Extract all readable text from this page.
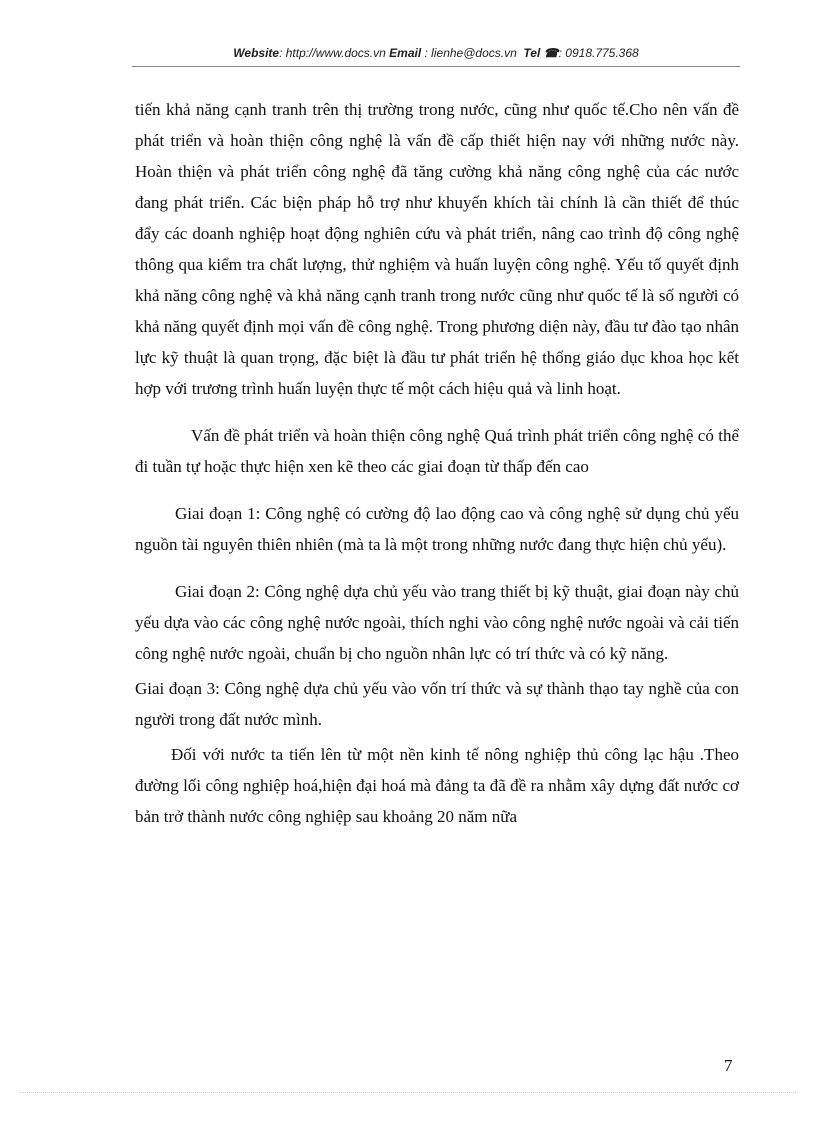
Website: http://www.docs.vn Email : lienhe@docs.vn Tel ☎: 0918.775.368

tiến khả năng cạnh tranh trên thị trường trong nước, cũng như quốc tế.Cho nên vấn đề phát triển và hoàn thiện công nghệ là vấn đề cấp thiết hiện nay với những nước này. Hoàn thiện và phát triển công nghệ đã tăng cường khả năng công nghệ của các nước đang phát triển. Các biện pháp hỗ trợ như khuyến khích tài chính là cần thiết để thúc đẩy các doanh nghiệp hoạt động nghiên cứu và phát triển, nâng cao trình độ công nghệ thông qua kiểm tra chất lượng, thử nghiệm và huấn luyện công nghệ. Yếu tố quyết định khả năng công nghệ và khả năng cạnh tranh trong nước cũng như quốc tế là số người có khả năng quyết định mọi vấn đề công nghệ. Trong phương diện này, đầu tư đào tạo nhân lực kỹ thuật là quan trọng, đặc biệt là đầu tư phát triển hệ thống giáo dục khoa học kết hợp với trương trình huấn luyện thực tế một cách hiệu quả và linh hoạt.

Vấn đề phát triển và hoàn thiện công nghệ Quá trình phát triển công nghệ có thể đi tuần tự hoặc thực hiện xen kẽ theo các giai đoạn từ thấp đến cao

Giai đoạn 1: Công nghệ có cường độ lao động cao và công nghệ sử dụng chủ yếu nguồn tài nguyên thiên nhiên (mà ta là một trong những nước đang thực hiện chủ yếu).

Giai đoạn 2: Công nghệ dựa chủ yếu vào trang thiết bị kỹ thuật, giai đoạn này chủ yếu dựa vào các công nghệ nước ngoài, thích nghi vào công nghệ nước ngoài và cải tiến công nghệ nước ngoài, chuẩn bị cho nguồn nhân lực có trí thức và có kỹ năng.

Giai đoạn 3: Công nghệ dựa chủ yếu vào vốn trí thức và sự thành thạo tay nghề của con người trong đất nước mình.

Đối với nước ta tiến lên từ một nền kinh tế nông nghiệp thủ công lạc hậu .Theo đường lối công nghiệp hoá,hiện đại hoá mà đảng ta đã đề ra nhằm xây dựng đất nước cơ bản trở thành nước công nghiệp sau khoảng 20 năm nữa

7
